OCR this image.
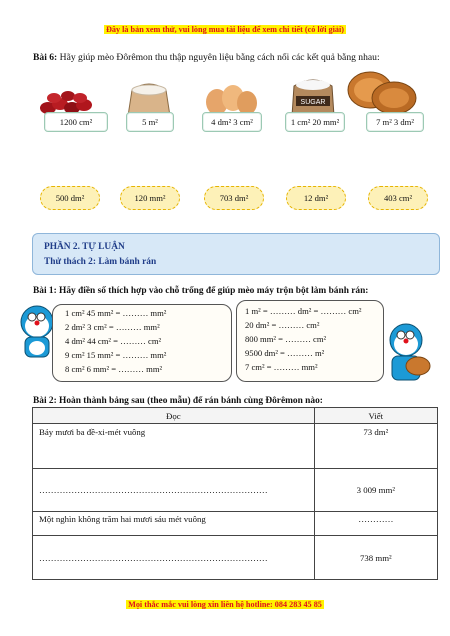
Đây là bản xem thử, vui lòng mua tài liệu để xem chi tiết (có lời giải)
Bài 6: Hãy giúp mèo Đôrêmon thu thập nguyên liệu bằng cách nối các kết quả bằng nhau:
SUGAR
1200 cm²	5 m²	4 dm² 3 cm²	1 cm² 20 mm²	7 m² 3 dm²
500 dm²	120 mm²	703 dm²	12 dm²	403 cm²
PHẦN 2. TỰ LUẬN
Thử thách 2: Làm bánh rán
Bài 1: Hãy điền số thích hợp vào chỗ trống để giúp mèo máy trộn bột làm bánh rán:
1 cm² 45 mm² = ……… mm²
2 dm² 3 cm² = ……… mm²
4 dm² 44 cm² = ……… cm²
9 cm² 15 mm² = ……… mm²
8 cm² 6 mm² = ……… mm²
1 m² = ……… dm² = ……… cm²
20 dm² = ……… cm²
800 mm² = ……… cm²
9500 dm² = ……… m²
7 cm² = ……… mm²
Bài 2: Hoàn thành bảng sau (theo mẫu) để rán bánh cùng Đôrêmon nào:
Đọc	Viết
Bảy mươi ba đề-xi-mét vuông	73 dm²
……………………………………………………………………	3 009 mm²
Một nghìn không trăm hai mươi sáu mét vuông	…………
……………………………………………………………………	738 mm²
Mọi thắc mắc vui lòng xin liên hệ hotline: 084 283 45 85
